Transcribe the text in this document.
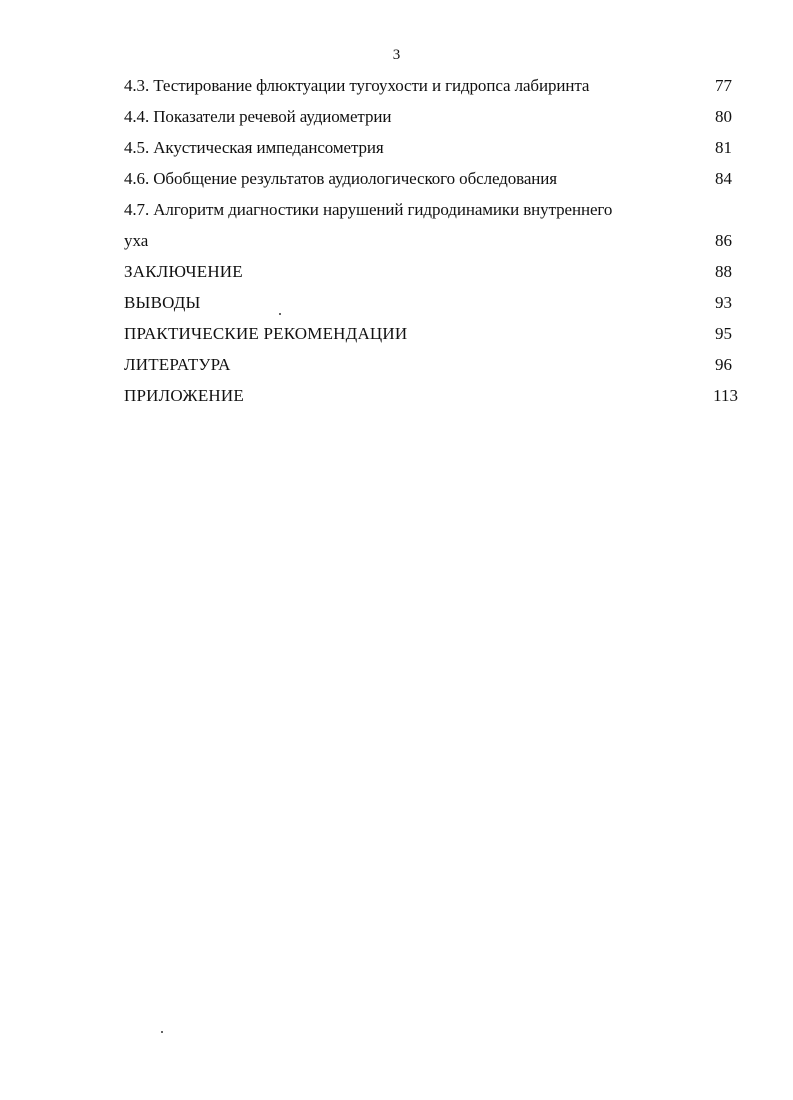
3
4.3. Тестирование флюктуации тугоухости и гидропса лабиринта	77
4.4. Показатели речевой аудиометрии	80
4.5. Акустическая импедансометрия	81
4.6. Обобщение результатов аудиологического обследования	84
4.7. Алгоритм диагностики нарушений гидродинамики внутреннего
уха	86
ЗАКЛЮЧЕНИЕ	88
ВЫВОДЫ	93
ПРАКТИЧЕСКИЕ РЕКОМЕНДАЦИИ	95
ЛИТЕРАТУРА	96
ПРИЛОЖЕНИЕ	113
